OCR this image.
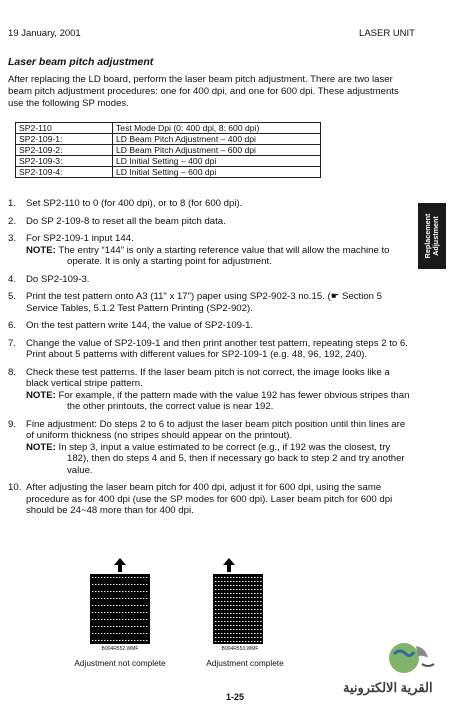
19 January, 2001	LASER UNIT
Laser beam pitch adjustment
After replacing the LD board, perform the laser beam pitch adjustment. There are two laser beam pitch adjustment procedures: one for 400 dpi, and one for 600 dpi. These adjustments use the following SP modes.
SP2-110	Test Mode Dpi (0: 400 dpi, 8: 600 dpi)
SP2-109-1:	LD Beam Pitch Adjustment – 400 dpi
SP2-109-2:	LD Beam Pitch Adjustment – 600 dpi
SP2-109-3:	LD Initial Setting – 400 dpi
SP2-109-4:	LD Initial Setting – 600 dpi
Replacement Adjustment
1. Set SP2-110 to 0 (for 400 dpi), or to 8 (for 600 dpi).
2. Do SP 2-109-8 to reset all the beam pitch data.
3. For SP2-109-1 input 144.
NOTE: The entry “144” is only a starting reference value that will allow the machine to operate. It is only a starting point for adjustment.
4. Do SP2-109-3.
5. Print the test pattern onto A3 (11" x 17") paper using SP2-902-3 no.15. (☛ Section 5 Service Tables, 5.1.2 Test Pattern Printing (SP2-902).
6. On the test pattern write 144, the value of SP2-109-1.
7. Change the value of SP2-109-1 and then print another test pattern, repeating steps 2 to 6. Print about 5 patterns with different values for SP2-109-1 (e.g. 48, 96, 192, 240).
8. Check these test patterns. If the laser beam pitch is not correct, the image looks like a black vertical stripe pattern.
NOTE: For example, if the pattern made with the value 192 has fewer obvious stripes than the other printouts, the correct value is near 192.
9. Fine adjustment: Do steps 2 to 6 to adjust the laser beam pitch position until thin lines are of uniform thickness (no stripes should appear on the printout).
NOTE: In step 3, input a value estimated to be correct (e.g., if 192 was the closest, try 182), then do steps 4 and 5, then if necessary go back to step 2 and try another value.
10. After adjusting the laser beam pitch for 400 dpi, adjust it for 600 dpi, using the same procedure as for 400 dpi (use the SP modes for 600 dpi). Laser beam pitch for 600 dpi should be 24~48 more than for 400 dpi.
B004R552.WMF
Adjustment not complete
B004R553.WMF
Adjustment complete
القرية الالكترونية
1-25
